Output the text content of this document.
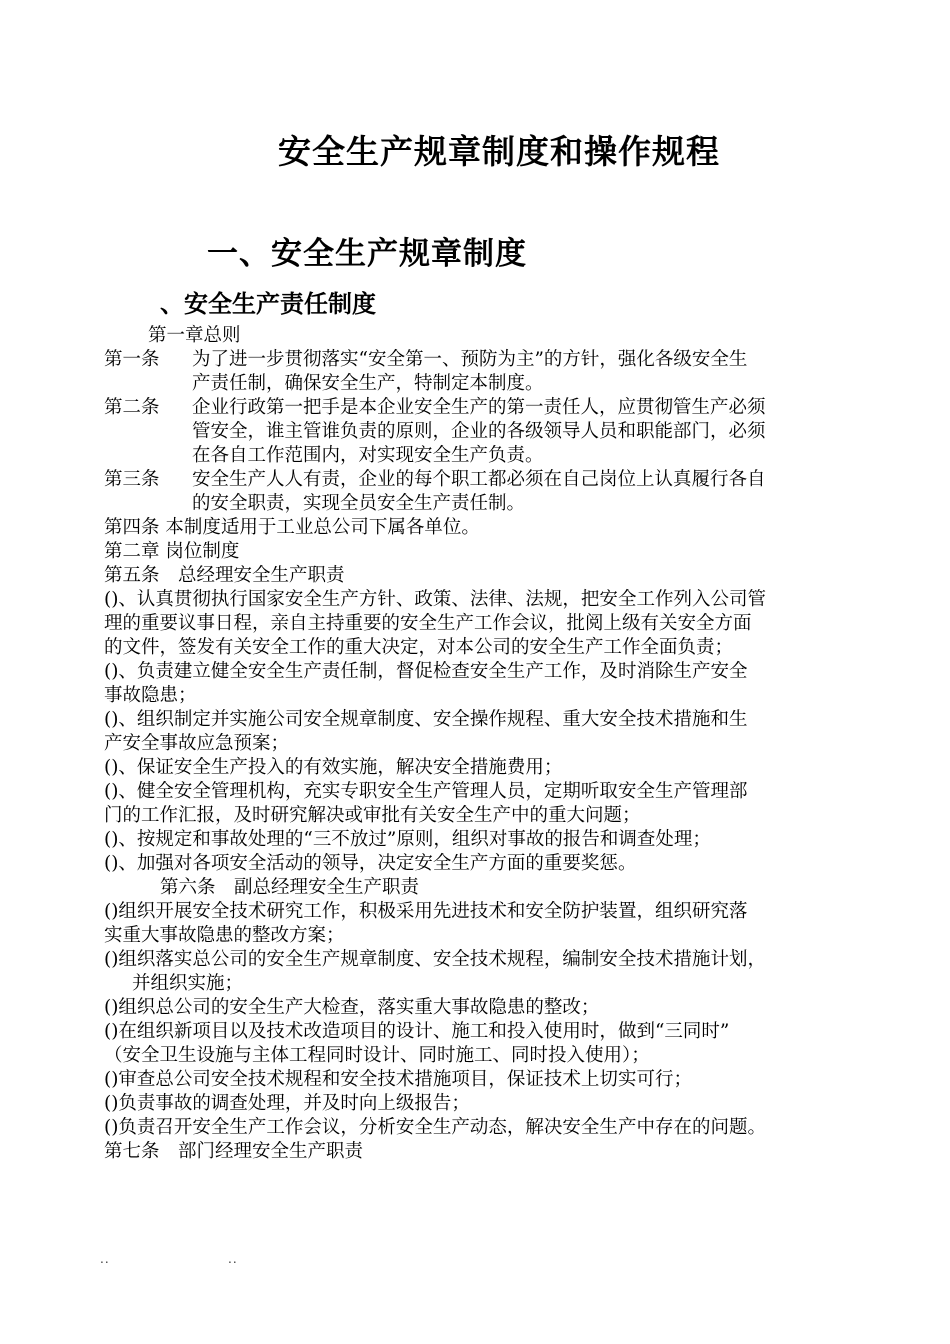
安全生产规章制度和操作规程
一、安全生产规章制度
、安全生产责任制度
第一章总则
第一条	为了进一步贯彻落实“安全第一、预防为主”的方针，强化各级安全生
产责任制，确保安全生产，特制定本制度。
第二条	企业行政第一把手是本企业安全生产的第一责任人，应贯彻管生产必须
管安全，谁主管谁负责的原则，企业的各级领导人员和职能部门，必须
在各自工作范围内，对实现安全生产负责。
第三条	安全生产人人有责，企业的每个职工都必须在自己岗位上认真履行各自
的安全职责，实现全员安全生产责任制。
第四条 本制度适用于工业总公司下属各单位。
第二章 岗位制度
第五条　总经理安全生产职责
()、认真贯彻执行国家安全生产方针、政策、法律、法规，把安全工作列入公司管
理的重要议事日程，亲自主持重要的安全生产工作会议，批阅上级有关安全方面
的文件，签发有关安全工作的重大决定，对本公司的安全生产工作全面负责；
()、负责建立健全安全生产责任制，督促检查安全生产工作，及时消除生产安全
事故隐患；
()、组织制定并实施公司安全规章制度、安全操作规程、重大安全技术措施和生
产安全事故应急预案；
()、保证安全生产投入的有效实施，解决安全措施费用；
()、健全安全管理机构，充实专职安全生产管理人员，定期听取安全生产管理部
门的工作汇报，及时研究解决或审批有关安全生产中的重大问题；
()、按规定和事故处理的“三不放过”原则，组织对事故的报告和调查处理；
()、加强对各项安全活动的领导，决定安全生产方面的重要奖惩。
第六条　副总经理安全生产职责
()组织开展安全技术研究工作，积极采用先进技术和安全防护装置，组织研究落
实重大事故隐患的整改方案；
()组织落实总公司的安全生产规章制度、安全技术规程，编制安全技术措施计划，
并组织实施；
()组织总公司的安全生产大检查，落实重大事故隐患的整改；
()在组织新项目以及技术改造项目的设计、施工和投入使用时，做到“三同时”
（安全卫生设施与主体工程同时设计、同时施工、同时投入使用）；
()审查总公司安全技术规程和安全技术措施项目，保证技术上切实可行；
()负责事故的调查处理，并及时向上级报告；
()负责召开安全生产工作会议，分析安全生产动态，解决安全生产中存在的问题。
第七条　部门经理安全生产职责
..	..
